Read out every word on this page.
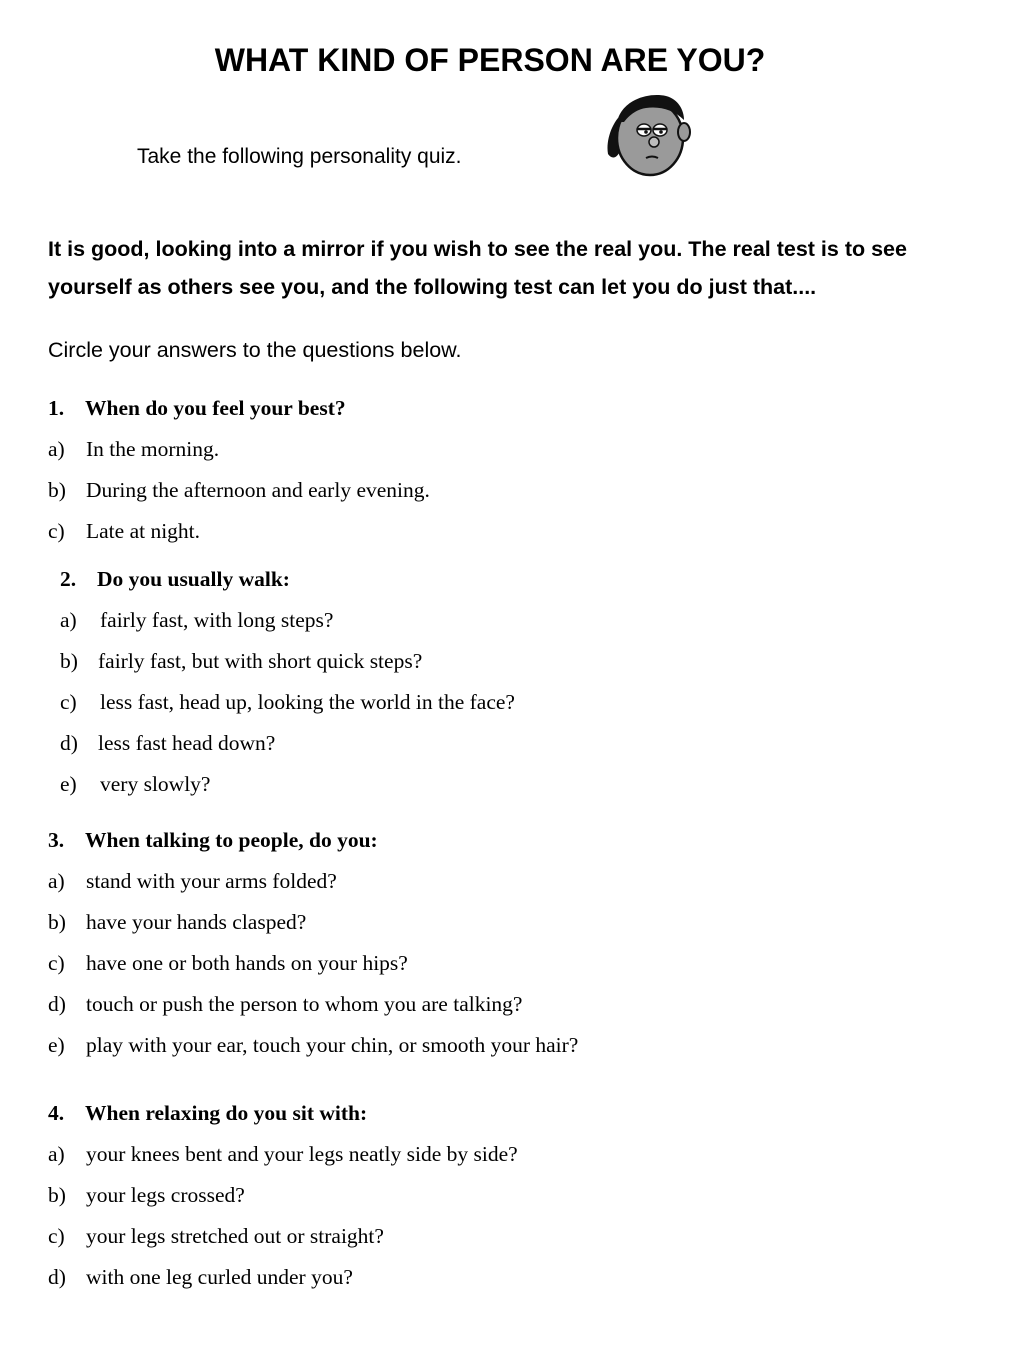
WHAT KIND OF PERSON ARE YOU?
Take the following personality quiz.
It is good, looking into a mirror if you wish to see the real you. The real test is to see
yourself as others see you, and the following test can let you do just that....
Circle your answers to the questions below.
1. When do you feel your best?
a) In the morning.
b) During the afternoon and early evening.
c) Late at night.
2. Do you usually walk:
a)	fairly fast, with long steps?
b) fairly fast, but with short quick steps?
c)	less fast, head up, looking the world in the face?
d) less fast head down?
e)	very slowly?
3. When talking to people, do you:
a) stand with your arms folded?
b) have your hands clasped?
c) have one or both hands on your hips?
d) touch or push the person to whom you are talking?
e) play with your ear, touch your chin, or smooth your hair?
4. When relaxing do you sit with:
a) your knees bent and your legs neatly side by side?
b) your legs crossed?
c) your legs stretched out or straight?
d) with one leg curled under you?
